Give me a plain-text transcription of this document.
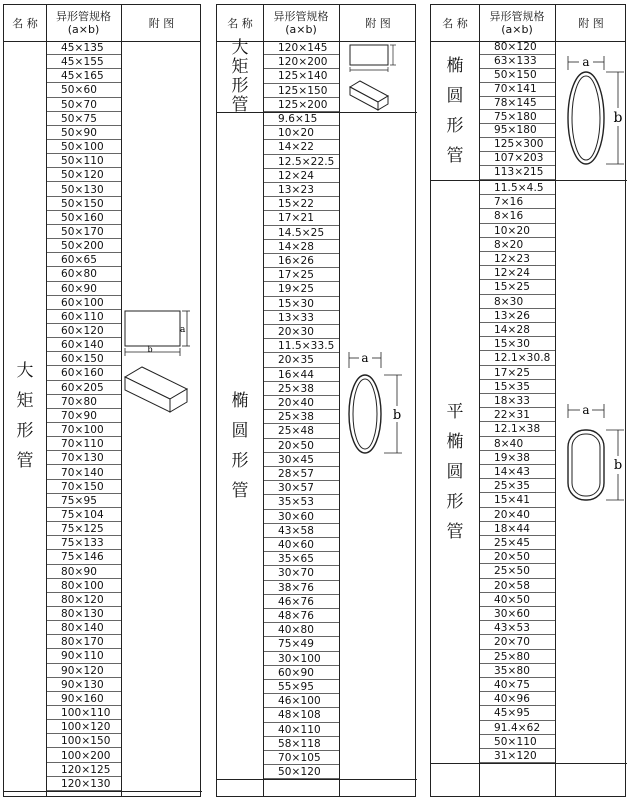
名 称 异形管规格
(a×b)	附 图
大
矩
形
管
45×135
45×155
45×165
50×60
50×70
50×75
50×90
50×100
50×110
50×120
50×130
50×150
50×160
50×170
50×200
60×65
60×80
60×90
60×100
60×110
60×120
60×140
60×150
60×160
60×205
70×80
70×90
70×100
70×110
70×130
70×140
70×150
75×95
75×104
75×125
75×133
75×146
80×90
80×100
80×120
80×130
80×140
80×170
90×110
90×120
90×130
90×160
100×110
100×120
100×150
100×200
120×125
120×130
名 称 异形管规格
(a×b)	附 图
大
矩
形
管
120×145
120×200
125×140
125×150
125×200
椭
圆
形
管
9.6×15
10×20
14×22
12.5×22.5
12×24
13×23
15×22
17×21
14.5×25
14×28
16×26
17×25
19×25
15×30
13×33
20×30
11.5×33.5
20×35
16×44
25×38
20×40
25×38
25×48
20×50
30×45
28×57
30×57
35×53
30×60
43×58
40×60
35×65
30×70
38×76
46×76
48×76
40×80
75×49
30×100
60×90
55×95
46×100
48×108
40×110
58×118
70×105
50×120
名 称 异形管规格
(a×b)	附 图
椭
圆
形
管
80×120
63×133
50×150
70×141
78×145
75×180
95×180
125×300
107×203
113×215
平
椭
圆
形
管
11.5×4.5
7×16
8×16
10×20
8×20
12×23
12×24
15×25
8×30
13×26
14×28
15×30
12.1×30.8
17×25
15×35
18×33
22×31
12.1×38
8×40
19×38
14×43
25×35
15×41
20×40
18×44
25×45
20×50
25×50
20×58
40×50
30×60
43×53
20×70
25×80
35×80
40×75
40×96
45×95
91.4×62
50×110
31×120
a
b
a
b
a
b
a
b
